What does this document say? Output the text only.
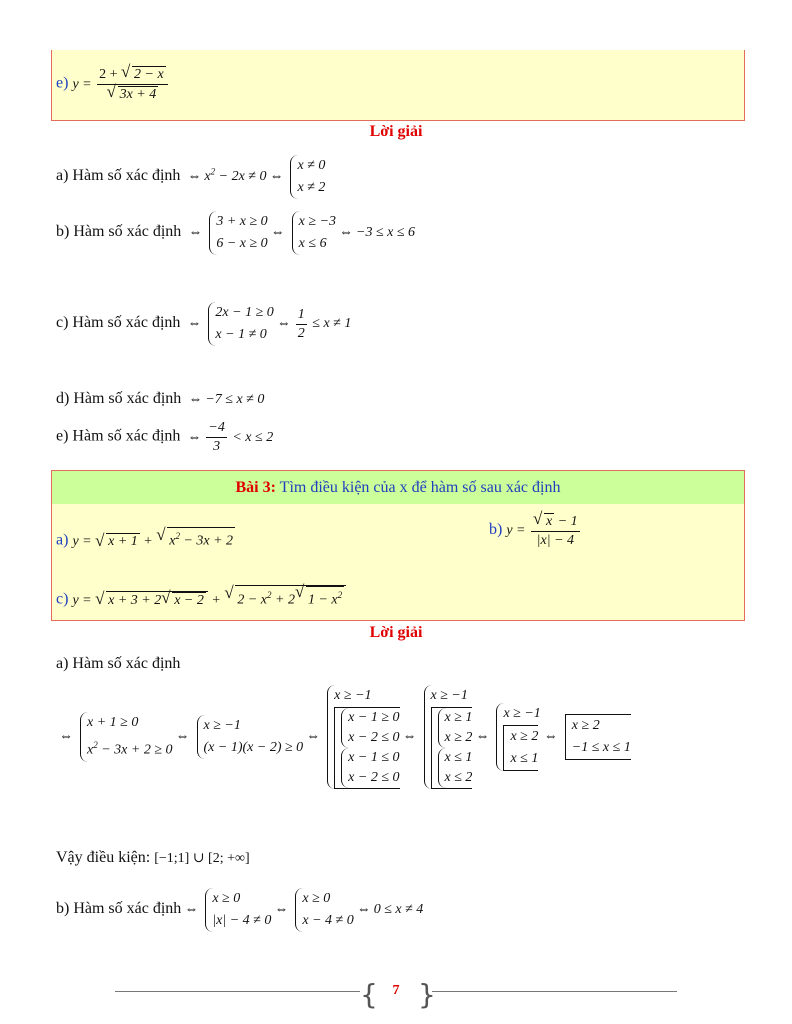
e) y = 2 + √ 2 − x
√ 3x + 4
Lời giải
a) Hàm số xác định ⇔ $x^2 - 2x \ne 0$ ⇔
x ≠ 0
x ≠ 2
b) Hàm số xác định ⇔
3 + x ≥ 0
6 − x ≥ 0
⇔
x ≥ −3
x ≤ 6
⇔ −3 ≤ x ≤ 6
c) Hàm số xác định ⇔
2x − 1 ≥ 0
x − 1 ≠ 0
⇔ $\frac{1}{2} \le x \ne 1$
d) Hàm số xác định ⇔ −7 ≤ x ≠ 0
e) Hàm số xác định ⇔ $\frac{-4}{3} < x \le 2$
Bài 3: Tìm điều kiện của x để hàm số sau xác định
a) y = √ x + 1 + √ $x^2 - 3x + 2$
b) y =
√ $\frac{x - 1}{|x| - 4}$
c) y = √ x + 3 + 2√ x − 2 + √ $2 - x^2 + 2√$ $1 - x^2$
Lời giải
a) Hàm số xác định
⇔
x + 1 ≥ 0
$x^2 - 3x + 2 \ge 0$
⇔
x ≥ −1
(x − 1)(x − 2) ≥ 0
⇔
x ≥ −1
x − 1 ≥ 0
x − 2 ≤ 0
x − 1 ≤ 0
x − 2 ≤ 0
⇔
x ≥ −1
x ≥ 1
x ≥ 2
x ≤ 1
x ≤ 2
⇔
x ≥ −1
x ≥ 2
x ≤ 1
⇔
x ≥ 2
−1 ≤ x ≤ 1
Vậy điều kiện: [−1;1] ∪ [2; +∞]
b) Hàm số xác định ⇔
x ≥ 0
|x| − 4 ≠ 0
⇔
x ≥ 0
x − 4 ≠ 0
⇔ 0 ≤ x ≠ 4
{ }
7
